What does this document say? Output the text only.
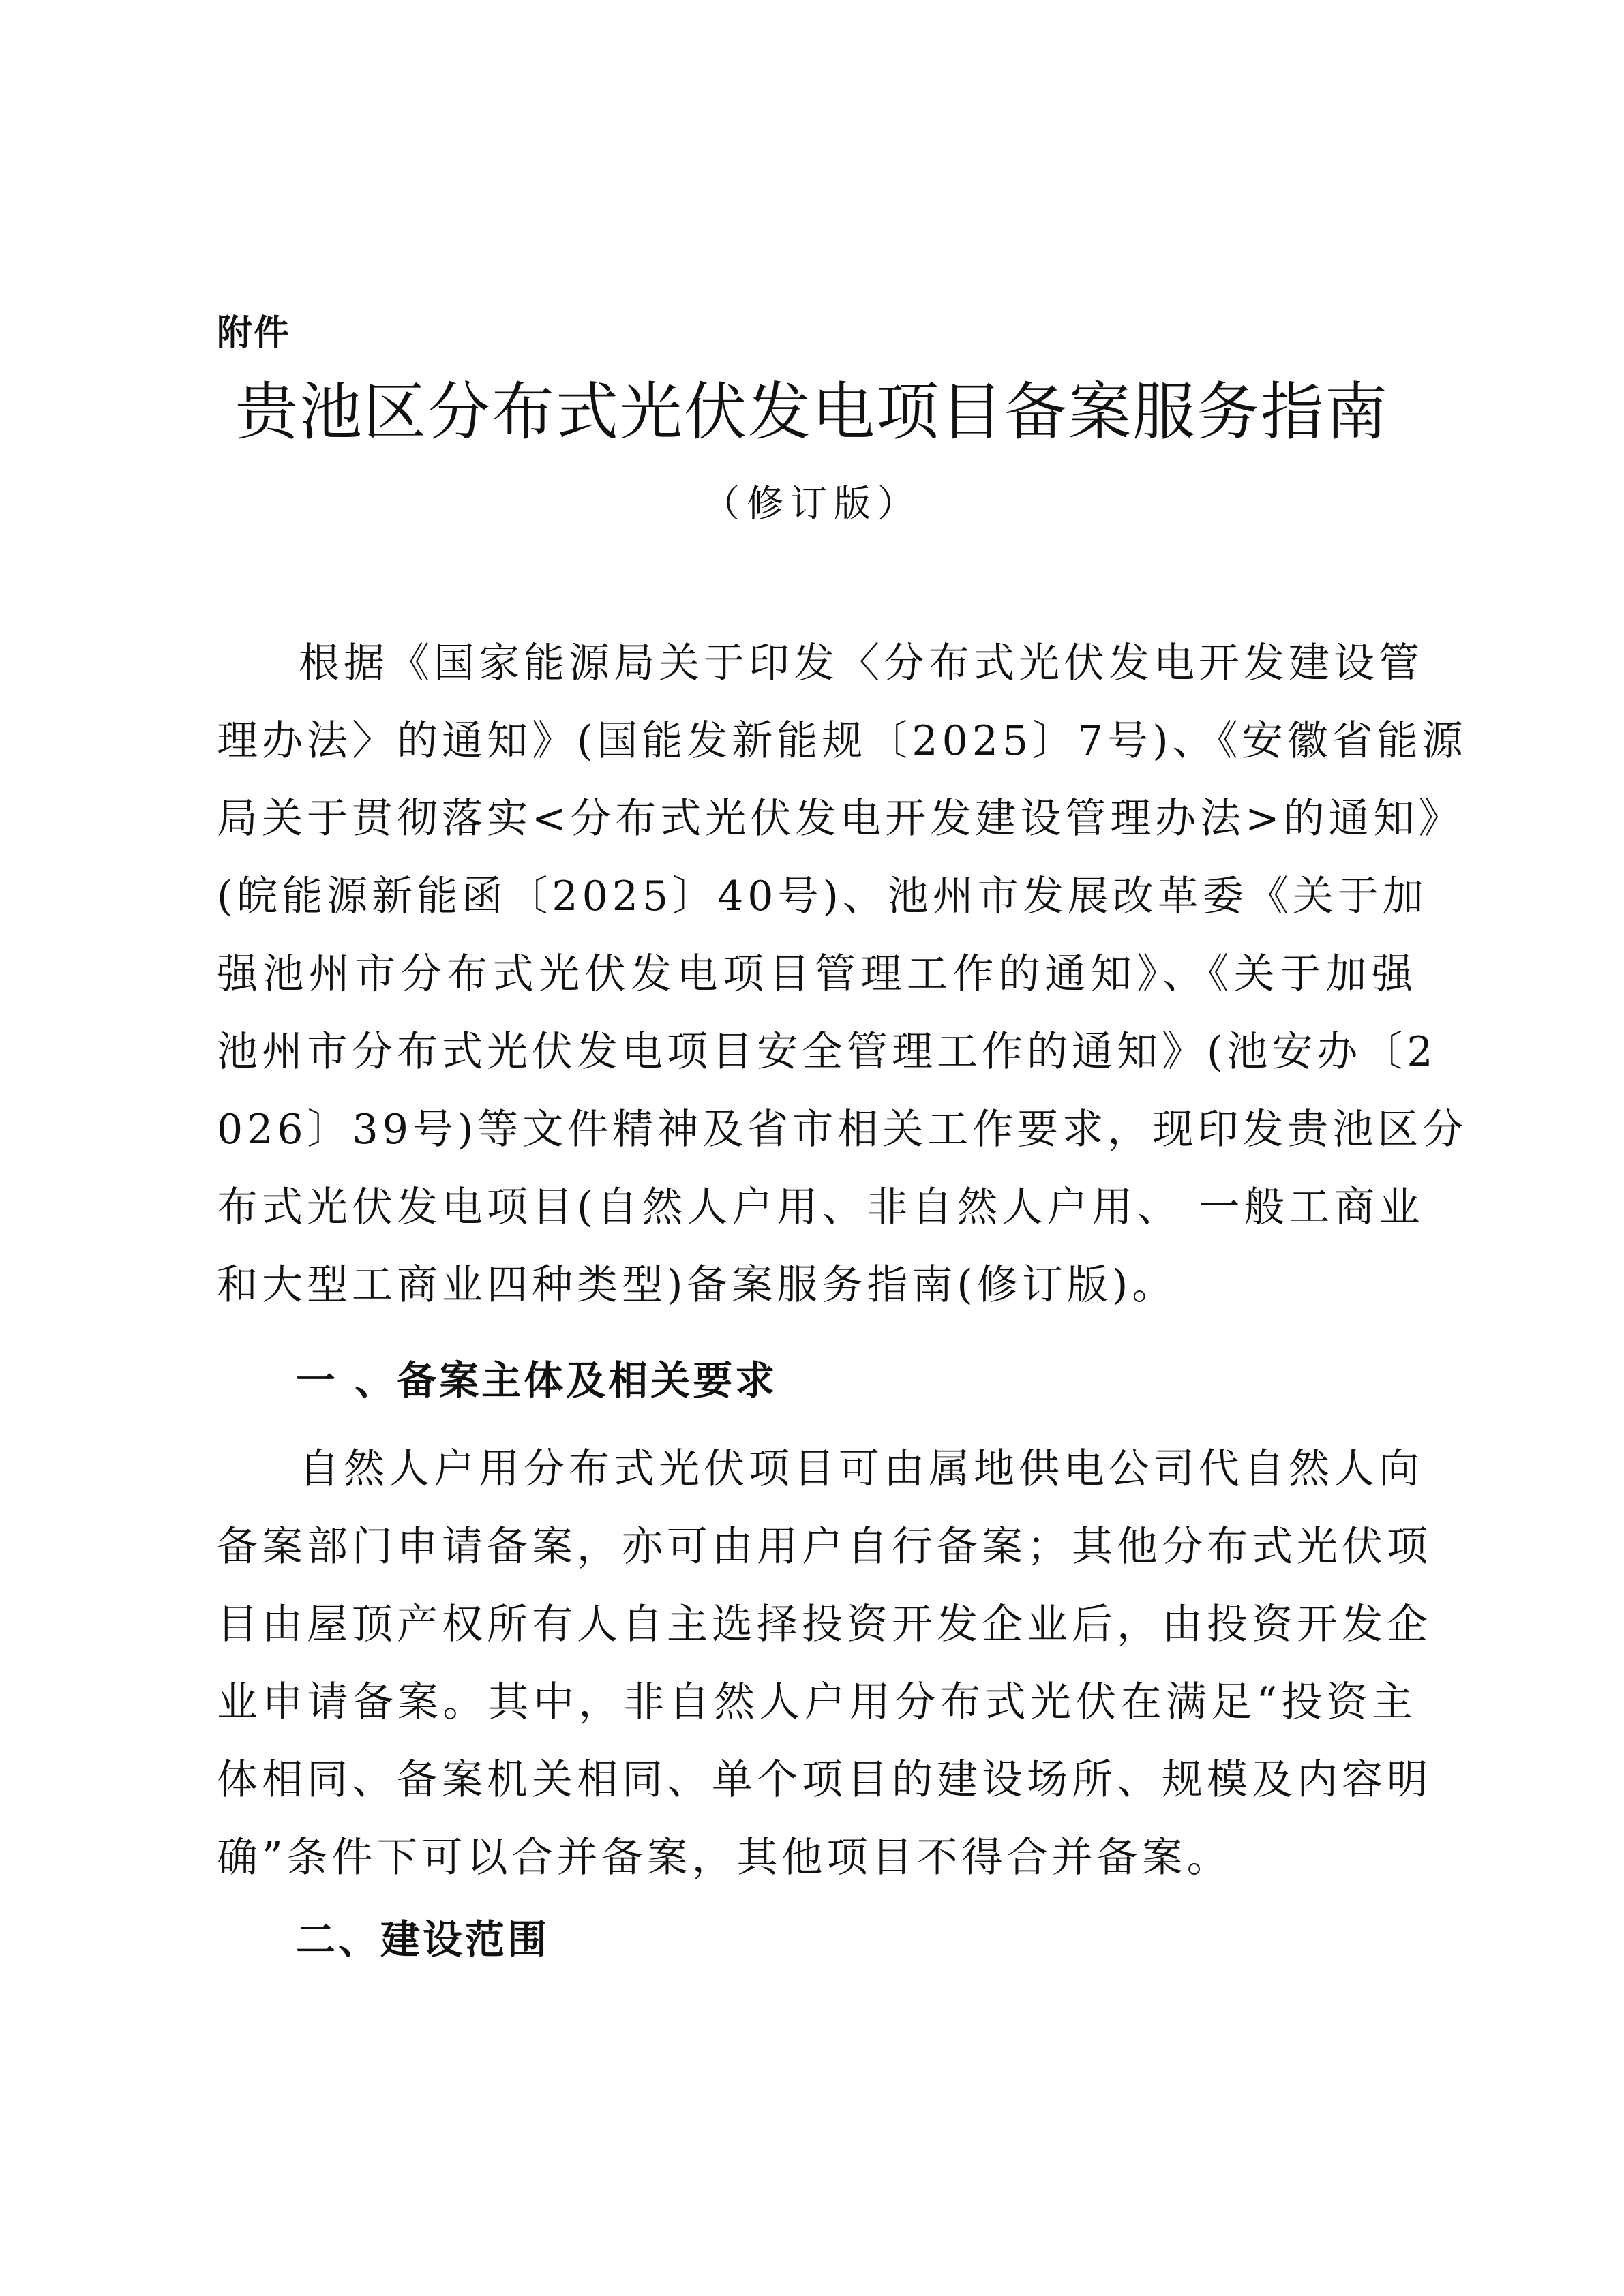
附件
贵池区分布式光伏发电项目备案服务指南
（修订版）
根据《国家能源局关于印发〈分布式光伏发电开发建设管
理办法〉的通知》(国能发新能规〔2025〕7号)、《安徽省能源
局关于贯彻落实<分布式光伏发电开发建设管理办法>的通知》
(皖能源新能函〔2025〕40号)、池州市发展改革委《关于加
强池州市分布式光伏发电项目管理工作的通知》、《关于加强
池州市分布式光伏发电项目安全管理工作的通知》(池安办〔2
026〕39号)等文件精神及省市相关工作要求，现印发贵池区分
布式光伏发电项目(自然人户用、非自然人户用、 一般工商业
和大型工商业四种类型)备案服务指南(修订版)。
一 、备案主体及相关要求
自然人户用分布式光伏项目可由属地供电公司代自然人向
备案部门申请备案，亦可由用户自行备案；其他分布式光伏项
目由屋顶产权所有人自主选择投资开发企业后，由投资开发企
业申请备案。其中，非自然人户用分布式光伏在满足“投资主
体相同、备案机关相同、单个项目的建设场所、规模及内容明
确”条件下可以合并备案，其他项目不得合并备案。
二、建设范围
